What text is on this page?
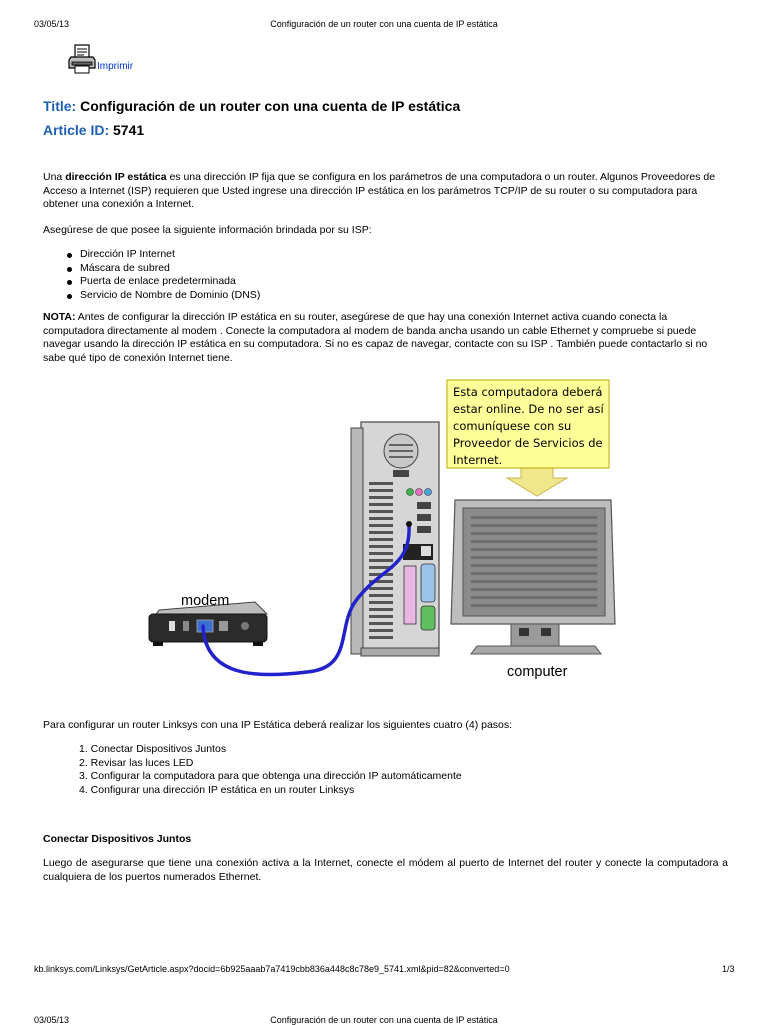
03/05/13	Configuración de un router con una cuenta de IP estática
Imprimir
Title: Configuración de un router con una cuenta de IP estática
Article ID: 5741
Una dirección IP estática es una dirección IP fija que se configura en los parámetros de una computadora o un router. Algunos Proveedores de Acceso a Internet (ISP) requieren que Usted ingrese una dirección IP estática en los parámetros TCP/IP de su router o su computadora para obtener una conexión a Internet.
Asegúrese de que posee la siguiente información brindada por su ISP:
Dirección IP Internet
Máscara de subred
Puerta de enlace predeterminada
Servicio de Nombre de Dominio (DNS)
NOTA: Antes de configurar la dirección IP estática en su router, asegúrese de que hay una conexión Internet activa cuando conecta la computadora directamente al modem . Conecte la computadora al modem de banda ancha usando un cable Ethernet y compruebe si puede navegar usando la dirección IP estática en su computadora. Si no es capaz de navegar, contacte con su ISP . También puede contactarlo si no sabe qué tipo de conexión Internet tiene.
Esta computadora deberá
estar online. De no ser así
comuníquese con su
Proveedor de Servicios de
Internet.
modem
computer
Para configurar un router Linksys con una IP Estática deberá realizar los siguientes cuatro (4) pasos:
1. Conectar Dispositivos Juntos
2. Revisar las luces LED
3. Configurar la computadora para que obtenga una dirección IP automáticamente
4. Configurar una dirección IP estática en un router Linksys
Conectar Dispositivos Juntos
Luego de asegurarse que tiene una conexión activa a la Internet, conecte el módem al puerto de Internet del router y conecte la computadora a cualquiera de los puertos numerados Ethernet.
kb.linksys.com/Linksys/GetArticle.aspx?docid=6b925aaab7a7419cbb836a448c8c78e9_5741.xml&pid=82&converted=0	1/3
03/05/13	Configuración de un router con una cuenta de IP estática
